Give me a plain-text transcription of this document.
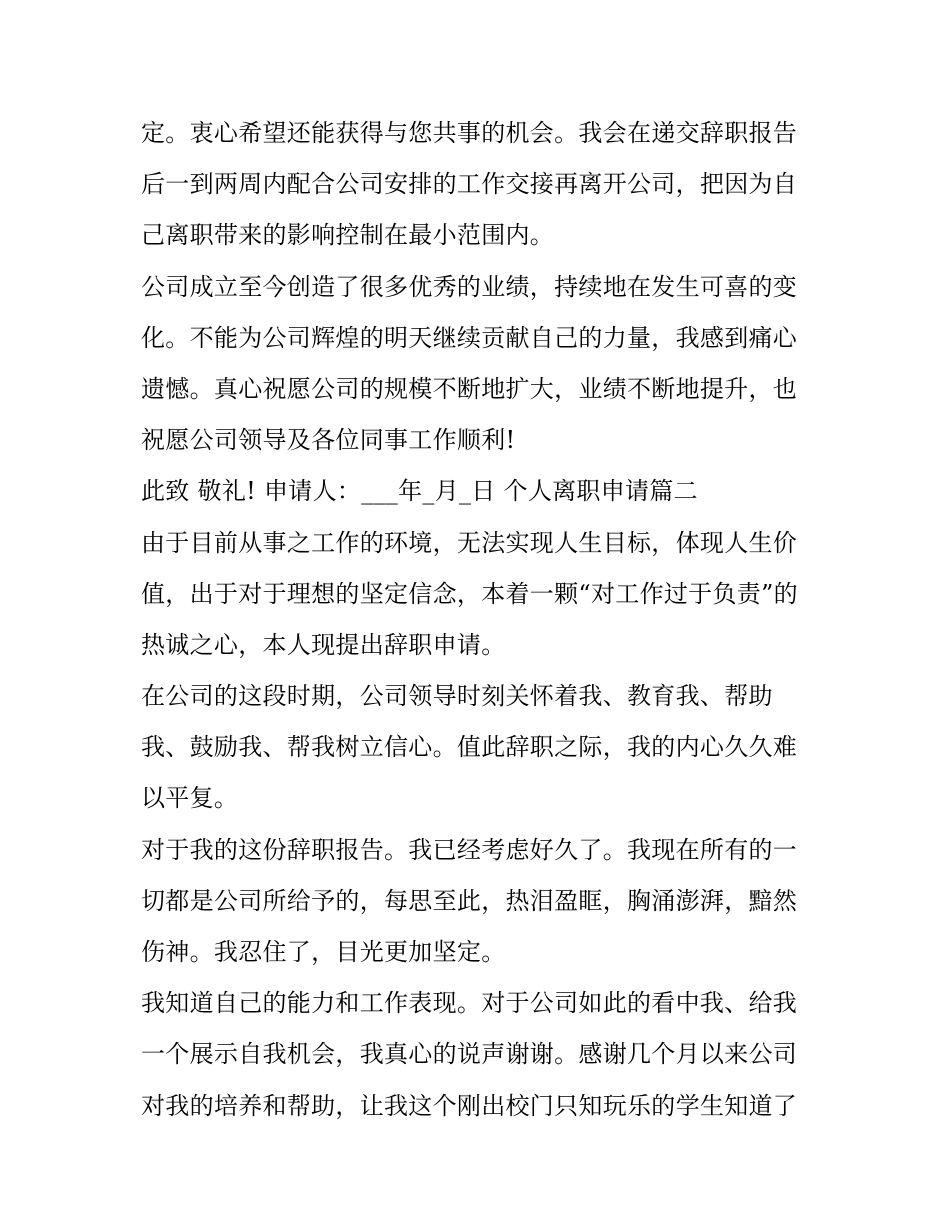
定。衷心希望还能获得与您共事的机会。我会在递交辞职报告
后一到两周内配合公司安排的工作交接再离开公司，把因为自
己离职带来的影响控制在最小范围内。
公司成立至今创造了很多优秀的业绩，持续地在发生可喜的变
化。不能为公司辉煌的明天继续贡献自己的力量，我感到痛心
遗憾。真心祝愿公司的规模不断地扩大，业绩不断地提升，也
祝愿公司领导及各位同事工作顺利!
此致 敬礼! 申请人：___年_月_日 个人离职申请篇二
由于目前从事之工作的环境，无法实现人生目标，体现人生价
值，出于对于理想的坚定信念，本着一颗“对工作过于负责”的
热诚之心，本人现提出辞职申请。
在公司的这段时期，公司领导时刻关怀着我、教育我、帮助
我、鼓励我、帮我树立信心。值此辞职之际，我的内心久久难
以平复。
对于我的这份辞职报告。我已经考虑好久了。我现在所有的一
切都是公司所给予的，每思至此，热泪盈眶，胸涌澎湃，黯然
伤神。我忍住了，目光更加坚定。
我知道自己的能力和工作表现。对于公司如此的看中我、给我
一个展示自我机会，我真心的说声谢谢。感谢几个月以来公司
对我的培养和帮助，让我这个刚出校门只知玩乐的学生知道了
